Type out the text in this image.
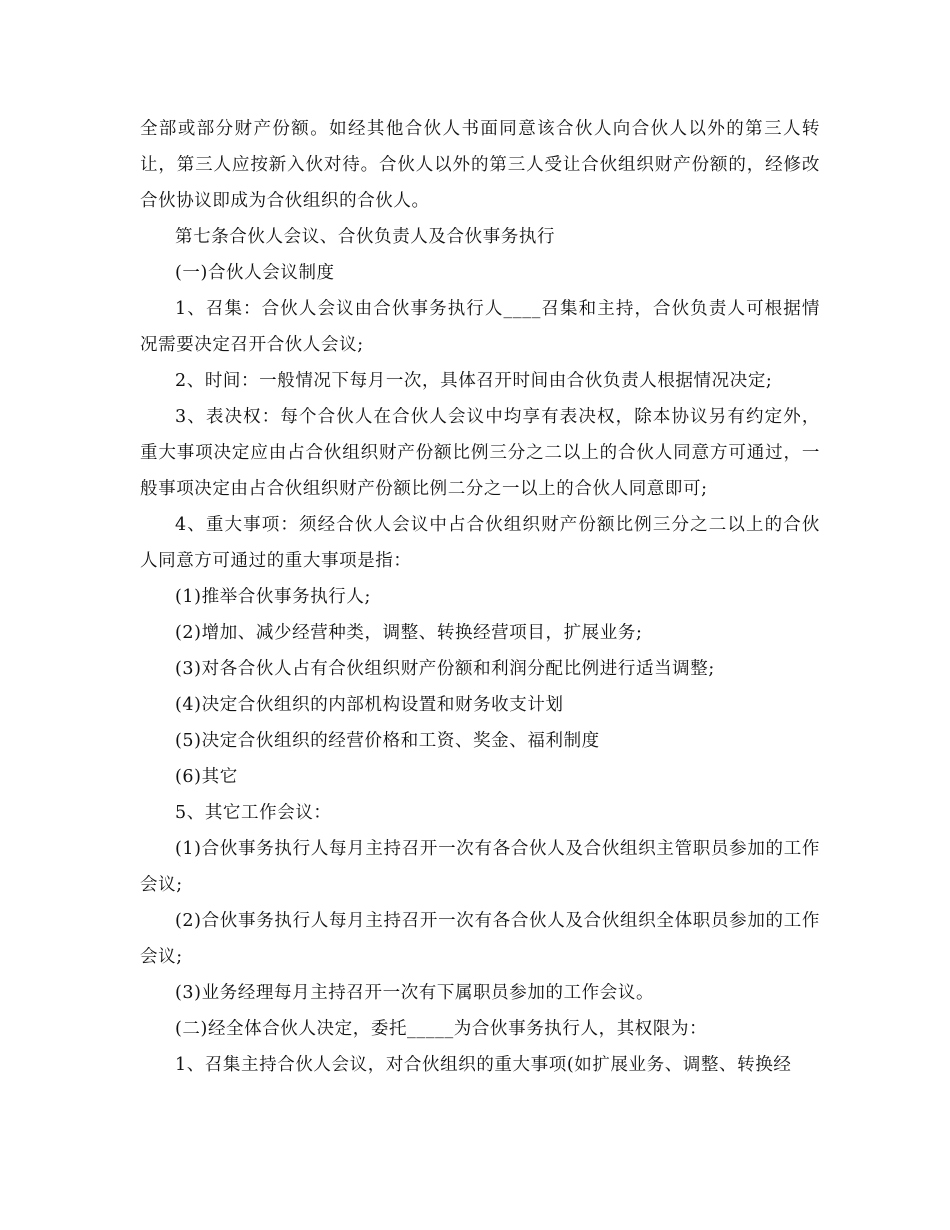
全部或部分财产份额。如经其他合伙人书面同意该合伙人向合伙人以外的第三人转让，第三人应按新入伙对待。合伙人以外的第三人受让合伙组织财产份额的，经修改合伙协议即成为合伙组织的合伙人。

第七条合伙人会议、合伙负责人及合伙事务执行

(一)合伙人会议制度

1、召集：合伙人会议由合伙事务执行人____召集和主持，合伙负责人可根据情况需要决定召开合伙人会议;

2、时间：一般情况下每月一次，具体召开时间由合伙负责人根据情况决定;

3、表决权：每个合伙人在合伙人会议中均享有表决权，除本协议另有约定外，重大事项决定应由占合伙组织财产份额比例三分之二以上的合伙人同意方可通过，一般事项决定由占合伙组织财产份额比例二分之一以上的合伙人同意即可;

4、重大事项：须经合伙人会议中占合伙组织财产份额比例三分之二以上的合伙人同意方可通过的重大事项是指：

(1)推举合伙事务执行人;

(2)增加、减少经营种类，调整、转换经营项目，扩展业务;

(3)对各合伙人占有合伙组织财产份额和利润分配比例进行适当调整;

(4)决定合伙组织的内部机构设置和财务收支计划

(5)决定合伙组织的经营价格和工资、奖金、福利制度

(6)其它

5、其它工作会议：

(1)合伙事务执行人每月主持召开一次有各合伙人及合伙组织主管职员参加的工作会议;

(2)合伙事务执行人每月主持召开一次有各合伙人及合伙组织全体职员参加的工作会议;

(3)业务经理每月主持召开一次有下属职员参加的工作会议。

(二)经全体合伙人决定，委托_____为合伙事务执行人，其权限为：

1、召集主持合伙人会议，对合伙组织的重大事项(如扩展业务、调整、转换经
